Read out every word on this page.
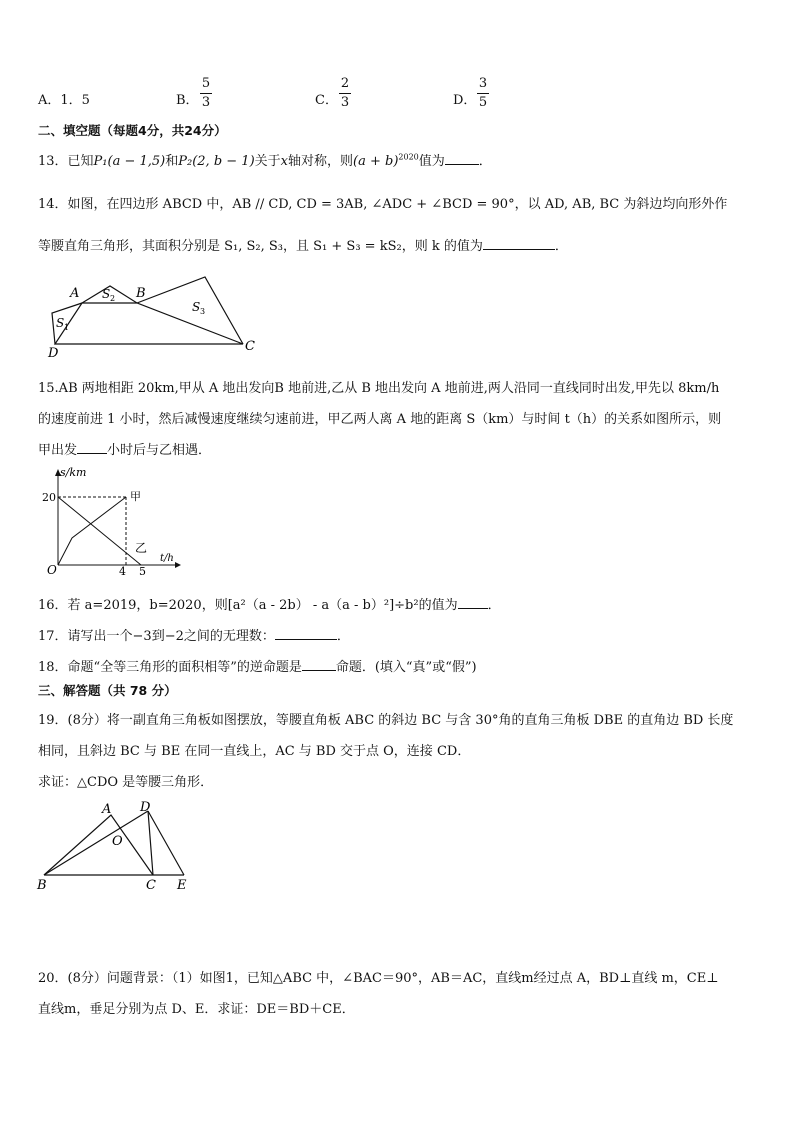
A．1．5	B．
5
3	C．
2
3	D．
3
5
二、填空题（每题4分，共24分）
13．已知P₁(a − 1,5)和P₂(2, b − 1)关于x轴对称，则$(a + b)^{2020}$值为	．
14．如图，在四边形 ABCD 中，AB // CD, CD = 3AB, ∠ADC + ∠BCD = 90°，以 AD, AB, BC 为斜边均向形外作
等腰直角三角形，其面积分别是 S₁, S₂, S₃，且 S₁ + S₃ = kS₂，则 k 的值为	．
A	B
C
D
S 1
S 2
S 3
15.AB 两地相距 20km,甲从 A 地出发向B 地前进,乙从 B 地出发向 A 地前进,两人沿同一直线同时出发,甲先以 8km/h
的速度前进 1 小时，然后减慢速度继续匀速前进，甲乙两人离 A 地的距离 S（km）与时间 t（h）的关系如图所示，则
甲出发 小时后与乙相遇．
s/km
t/h
O
20
4 5
甲
乙
16．若 a=2019，b=2020，则[a²（a - 2b） - a（a - b）²]÷b²的值为 ．
17．请写出一个−3到−2之间的无理数：	．
18．命题“全等三角形的面积相等”的逆命题是	命题．(填入“真”或“假”)
三、解答题（共 78 分）
19．(8分）将一副直角三角板如图摆放，等腰直角板 ABC 的斜边 BC 与含 30°角的直角三角板 DBE 的直角边 BD 长度
相同，且斜边 BC 与 BE 在同一直线上，AC 与 BD 交于点 O，连接 CD．
求证：△CDO 是等腰三角形．
A D
O
B	C E
20．(8分）问题背景：（1）如图1，已知△ABC 中，∠BAC＝90°，AB＝AC，直线m经过点 A，BD⊥直线 m，CE⊥
直线m，垂足分别为点 D、E．求证：DE＝BD＋CE．
